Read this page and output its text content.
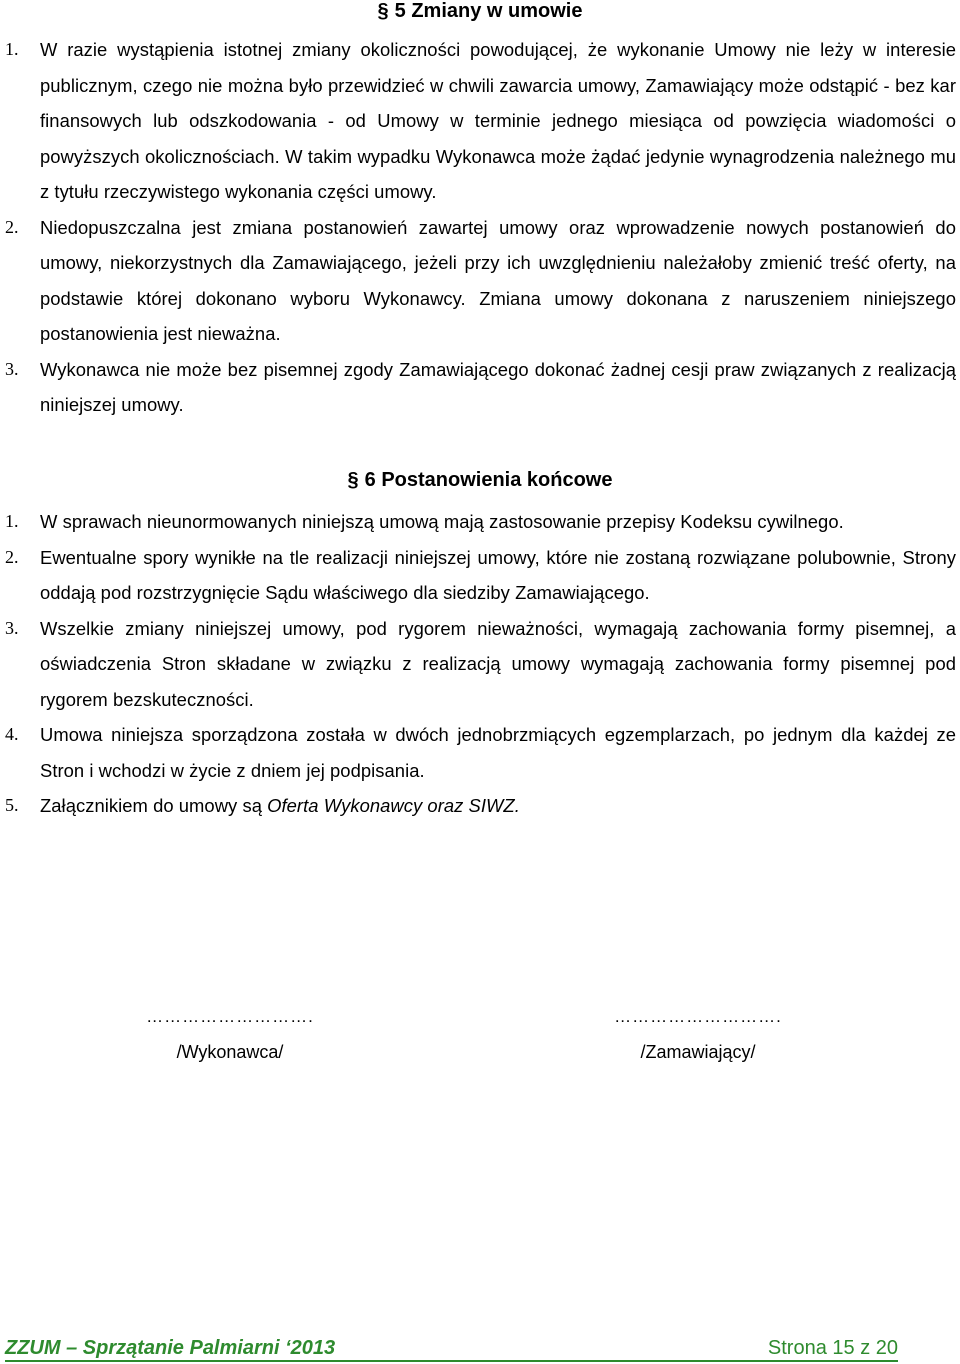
§ 5 Zmiany w umowie
1. W razie wystąpienia istotnej zmiany okoliczności powodującej, że wykonanie Umowy nie leży w interesie publicznym, czego nie można było przewidzieć w chwili zawarcia umowy, Zamawiający może odstąpić - bez kar finansowych lub odszkodowania - od Umowy w terminie jednego miesiąca od powzięcia wiadomości o powyższych okolicznościach. W takim wypadku Wykonawca może żądać jedynie wynagrodzenia należnego mu z tytułu rzeczywistego wykonania części umowy.
2. Niedopuszczalna jest zmiana postanowień zawartej umowy oraz wprowadzenie nowych postanowień do umowy, niekorzystnych dla Zamawiającego, jeżeli przy ich uwzględnieniu należałoby zmienić treść oferty, na podstawie której dokonano wyboru Wykonawcy. Zmiana umowy dokonana z naruszeniem niniejszego postanowienia jest nieważna.
3. Wykonawca nie może bez pisemnej zgody Zamawiającego dokonać żadnej cesji praw związanych z realizacją niniejszej umowy.
§ 6 Postanowienia końcowe
1. W sprawach nieunormowanych niniejszą umową mają zastosowanie przepisy Kodeksu cywilnego.
2. Ewentualne spory wynikłe na tle realizacji niniejszej umowy, które nie zostaną rozwiązane polubownie, Strony oddają pod rozstrzygnięcie Sądu właściwego dla siedziby Zamawiającego.
3. Wszelkie zmiany niniejszej umowy, pod rygorem nieważności, wymagają zachowania formy pisemnej, a oświadczenia Stron składane w związku z realizacją umowy wymagają zachowania formy pisemnej pod rygorem bezskuteczności.
4. Umowa niniejsza sporządzona została w dwóch jednobrzmiących egzemplarzach, po jednym dla każdej ze Stron i wchodzi w życie z dniem jej podpisania.
5. Załącznikiem do umowy są Oferta Wykonawcy oraz SIWZ.
……………………….
/Wykonawca/
……………………….
/Zamawiający/
ZZUM – Sprzątanie Palmiarni ‘2013	Strona 15 z 20
